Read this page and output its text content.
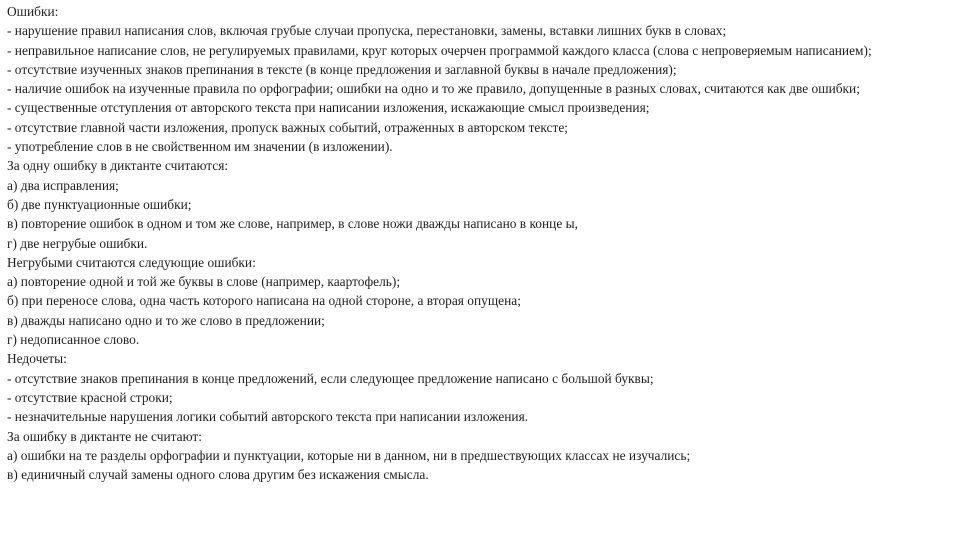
Ошибки:
- нарушение правил написания слов, включая грубые случаи пропуска, перестановки, замены, вставки лишних букв в словах;
- неправильное написание слов, не регулируемых правилами, круг которых очерчен программой каждого класса (слова с непроверяемым написанием);
- отсутствие изученных знаков препинания в тексте (в конце предложения и заглавной буквы в начале предложения);
- наличие ошибок на изученные правила по орфографии; ошибки на одно и то же правило, допущенные в разных словах, считаются как две ошибки;
- существенные отступления от авторского текста при написании изложения, искажающие смысл произведения;
- отсутствие главной части изложения, пропуск важных событий, отраженных в авторском тексте;
- употребление слов в не свойственном им значении (в изложении).
За одну ошибку в диктанте считаются:
а) два исправления;
б) две пунктуационные ошибки;
в) повторение ошибок в одном и том же слове, например, в слове ножи дважды написано в конце ы,
г) две негрубые ошибки.
Негрубыми считаются следующие ошибки:
а) повторение одной и той же буквы в слове (например, каартофель);
б) при переносе слова, одна часть которого написана на одной стороне, а вторая опущена;
в) дважды написано одно и то же слово в предложении;
г) недописанное слово.
Недочеты:
- отсутствие знаков препинания в конце предложений, если следующее предложение написано с большой буквы;
- отсутствие красной строки;
- незначительные нарушения логики событий авторского текста при написании изложения.
За ошибку в диктанте не считают:
а) ошибки на те разделы орфографии и пунктуации, которые ни в данном, ни в предшествующих классах не изучались;
в) единичный случай замены одного слова другим без искажения смысла.
